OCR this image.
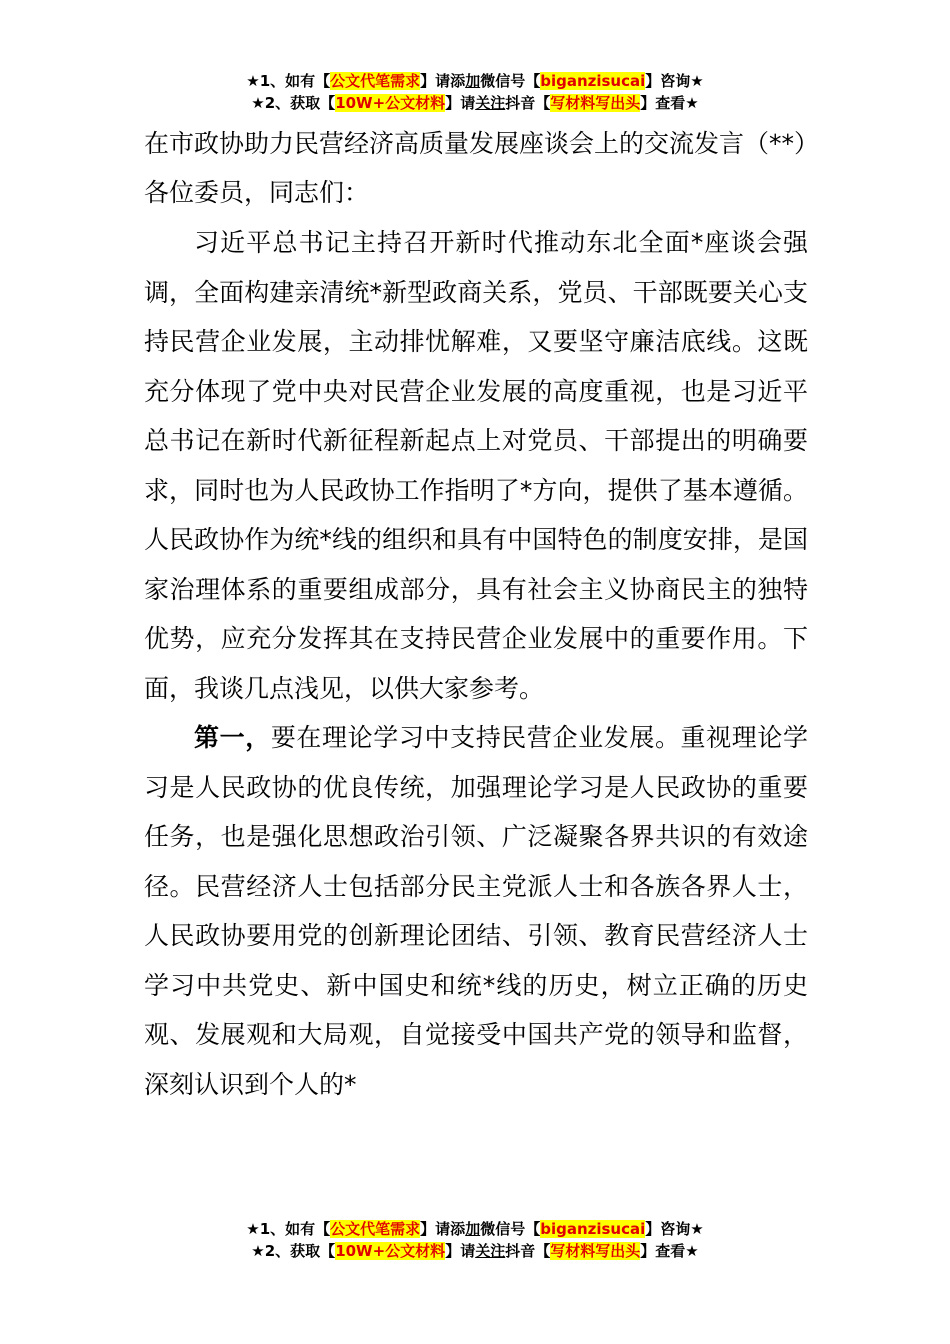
★1、如有【公文代笔需求】请添加微信号【biganzisucai】咨询★
★2、获取【10W+公文材料】请关注抖音【写材料写出头】查看★
在市政协助力民营经济高质量发展座谈会上的交流发言（**）

各位委员，同志们：

习近平总书记主持召开新时代推动东北全面*座谈会强调，全面构建亲清统*新型政商关系，党员、干部既要关心支持民营企业发展，主动排忧解难，又要坚守廉洁底线。这既充分体现了党中央对民营企业发展的高度重视，也是习近平总书记在新时代新征程新起点上对党员、干部提出的明确要求，同时也为人民政协工作指明了*方向，提供了基本遵循。人民政协作为统*线的组织和具有中国特色的制度安排，是国家治理体系的重要组成部分，具有社会主义协商民主的独特优势，应充分发挥其在支持民营企业发展中的重要作用。下面，我谈几点浅见，以供大家参考。

第一，要在理论学习中支持民营企业发展。重视理论学习是人民政协的优良传统，加强理论学习是人民政协的重要任务，也是强化思想政治引领、广泛凝聚各界共识的有效途径。民营经济人士包括部分民主党派人士和各族各界人士，人民政协要用党的创新理论团结、引领、教育民营经济人士学习中共党史、新中国史和统*线的历史，树立正确的历史观、发展观和大局观，自觉接受中国共产党的领导和监督，深刻认识到个人的*

★1、如有【公文代笔需求】请添加微信号【biganzisucai】咨询★
★2、获取【10W+公文材料】请关注抖音【写材料写出头】查看★
